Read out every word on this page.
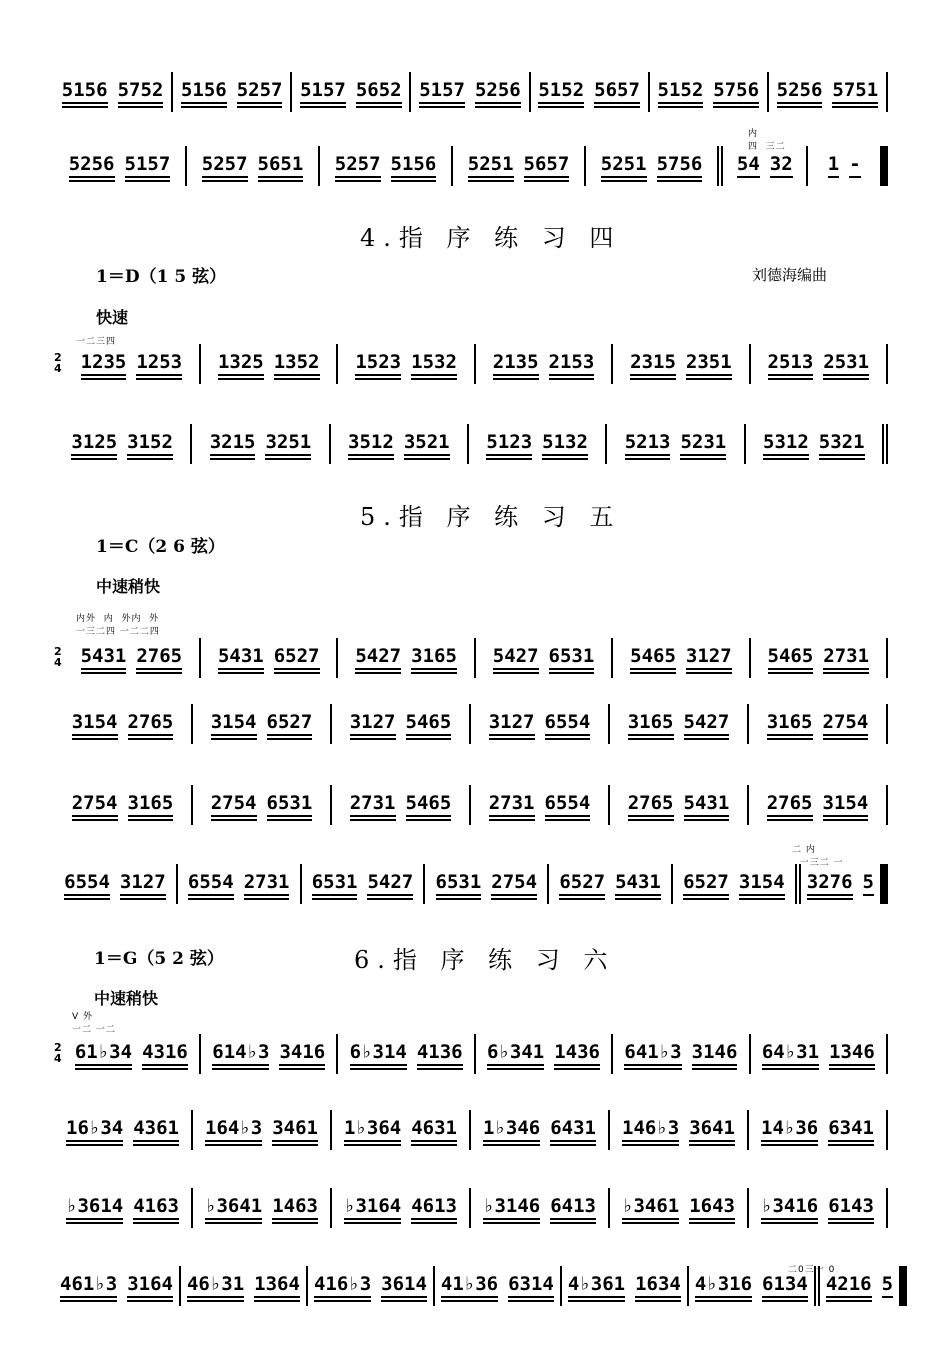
5156 5752 5156 5257 5157 5652 5157 5256 5152 5657 5152 5756 5256 5751
5256 5157 5257 5651 5257 5156 5251 5657 5251 5756 54 32 1 -
4.指 序 练 习 四
1＝D（1 5 弦）	刘德海编曲
快速
一二三四
2
4 1235 1253 1325 1352 1523 1532 2135 2153 2315 2351 2513 2531
3125 3152 3215 3251 3512 3521 5123 5132 5213 5231 5312 5321
5.指 序 练 习 五
1＝C（2 6 弦）
中速稍快
内外  内  外内  外
一三二四 一二二四
2
4 5431 2765 5431 6527 5427 3165 5427 6531 5465 3127 5465 2731
3154 2765 3154 6527 3127 5465 3127 6554 3165 5427 3165 2754
2754 3165 2754 6531 2731 5465 2731 6554 2765 5431 2765 3154
6554 3127 6554 2731 6531 5427 6531 2754 6527 5431 6527 3154 3276 5
1＝G（5 2 弦）	6.指 序 练 习 六
中速稍快
V 外
一二 一二
2
4 61♭34 4316 614♭3 3416 6♭314 4136 6♭341 1436 641♭3 3146 64♭31 1346
16♭34 4361 164♭3 3461 1♭364 4631 1♭346 6431 146♭3 3641 14♭36 6341
♭3614 4163 ♭3641 1463 ♭3164 4613 ♭3146 6413 ♭3461 1643 ♭3416 6143
461♭3 3164 46♭31 1364 416♭3 3614 41♭36 6314 4♭361 1634 4♭316 6134 4216 5
内
四  三二
二 内
一三二 一
二0三一 0
